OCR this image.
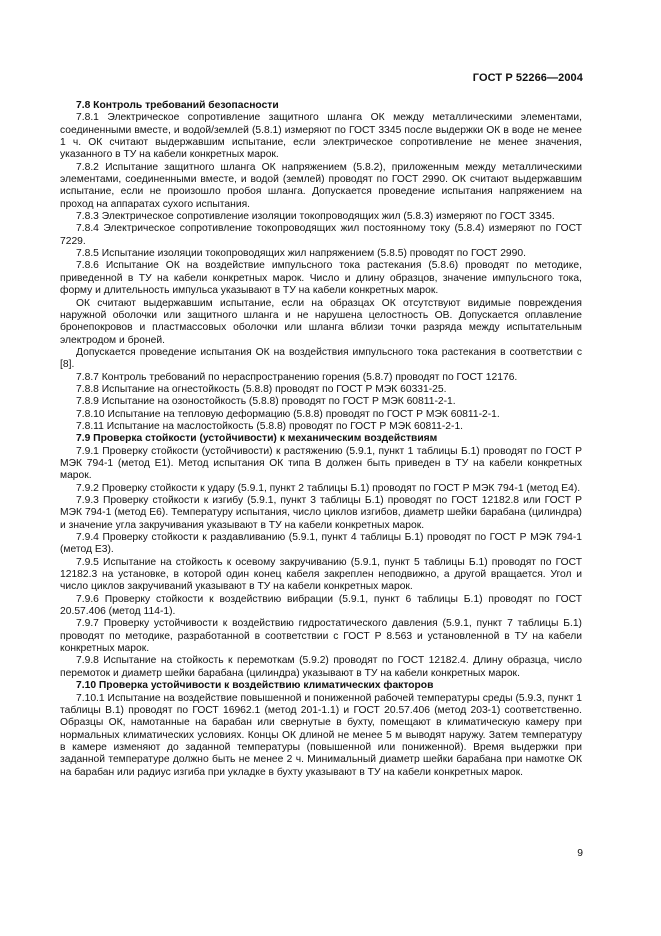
ГОСТ Р 52266—2004

7.8 Контроль требований безопасности

7.8.1 Электрическое сопротивление защитного шланга ОК между металлическими элементами, соединенными вместе, и водой/землей (5.8.1) измеряют по ГОСТ 3345 после выдержки ОК в воде не менее 1 ч. ОК считают выдержавшим испытание, если электрическое сопротивление не менее значения, указанного в ТУ на кабели конкретных марок.

7.8.2 Испытание защитного шланга ОК напряжением (5.8.2), приложенным между металлическими элементами, соединенными вместе, и водой (землей) проводят по ГОСТ 2990. ОК считают выдержавшим испытание, если не произошло пробоя шланга. Допускается проведение испытания напряжением на проход на аппаратах сухого испытания.

7.8.3 Электрическое сопротивление изоляции токопроводящих жил (5.8.3) измеряют по ГОСТ 3345.

7.8.4 Электрическое сопротивление токопроводящих жил постоянному току (5.8.4) измеряют по ГОСТ 7229.

7.8.5 Испытание изоляции токопроводящих жил напряжением (5.8.5) проводят по ГОСТ 2990.

7.8.6 Испытание ОК на воздействие импульсного тока растекания (5.8.6) проводят по методике, приведенной в ТУ на кабели конкретных марок. Число и длину образцов, значение импульсного тока, форму и длительность импульса указывают в ТУ на кабели конкретных марок.

ОК считают выдержавшим испытание, если на образцах ОК отсутствуют видимые повреждения наружной оболочки или защитного шланга и не нарушена целостность ОВ. Допускается оплавление бронепокровов и пластмассовых оболочки или шланга вблизи точки разряда между испытательным электродом и броней.

Допускается проведение испытания ОК на воздействия импульсного тока растекания в соответствии с [8].

7.8.7 Контроль требований по нераспространению горения (5.8.7) проводят по ГОСТ 12176.

7.8.8 Испытание на огнестойкость (5.8.8) проводят по ГОСТ Р МЭК 60331-25.

7.8.9 Испытание на озоностойкость (5.8.8) проводят по ГОСТ Р МЭК 60811-2-1.

7.8.10 Испытание на тепловую деформацию (5.8.8) проводят по ГОСТ Р МЭК 60811-2-1.

7.8.11 Испытание на маслостойкость (5.8.8) проводят по ГОСТ Р МЭК 60811-2-1.

7.9 Проверка стойкости (устойчивости) к механическим воздействиям

7.9.1 Проверку стойкости (устойчивости) к растяжению (5.9.1, пункт 1 таблицы Б.1) проводят по ГОСТ Р МЭК 794-1 (метод Е1). Метод испытания ОК типа В должен быть приведен в ТУ на кабели конкретных марок.

7.9.2 Проверку стойкости к удару (5.9.1, пункт 2 таблицы Б.1) проводят по ГОСТ Р МЭК 794-1 (метод Е4).

7.9.3 Проверку стойкости к изгибу (5.9.1, пункт 3 таблицы Б.1) проводят по ГОСТ 12182.8 или ГОСТ Р МЭК 794-1 (метод Е6). Температуру испытания, число циклов изгибов, диаметр шейки барабана (цилиндра) и значение угла закручивания указывают в ТУ на кабели конкретных марок.

7.9.4 Проверку стойкости к раздавливанию (5.9.1, пункт 4 таблицы Б.1) проводят по ГОСТ Р МЭК 794-1 (метод Е3).

7.9.5 Испытание на стойкость к осевому закручиванию (5.9.1, пункт 5 таблицы Б.1) проводят по ГОСТ 12182.3 на установке, в которой один конец кабеля закреплен неподвижно, а другой вращается. Угол и число циклов закручиваний указывают в ТУ на кабели конкретных марок.

7.9.6 Проверку стойкости к воздействию вибрации (5.9.1, пункт 6 таблицы Б.1) проводят по ГОСТ 20.57.406 (метод 114-1).

7.9.7 Проверку устойчивости к воздействию гидростатического давления (5.9.1, пункт 7 таблицы Б.1) проводят по методике, разработанной в соответствии с ГОСТ Р 8.563 и установленной в ТУ на кабели конкретных марок.

7.9.8 Испытание на стойкость к перемоткам (5.9.2) проводят по ГОСТ 12182.4. Длину образца, число перемоток и диаметр шейки барабана (цилиндра) указывают в ТУ на кабели конкретных марок.

7.10 Проверка устойчивости к воздействию климатических факторов

7.10.1 Испытание на воздействие повышенной и пониженной рабочей температуры среды (5.9.3, пункт 1 таблицы В.1) проводят по ГОСТ 16962.1 (метод 201-1.1) и ГОСТ 20.57.406 (метод 203-1) соответственно. Образцы ОК, намотанные на барабан или свернутые в бухту, помещают в климатическую камеру при нормальных климатических условиях. Концы ОК длиной не менее 5 м выводят наружу. Затем температуру в камере изменяют до заданной температуры (повышенной или пониженной). Время выдержки при заданной температуре должно быть не менее 2 ч. Минимальный диаметр шейки барабана при намотке ОК на барабан или радиус изгиба при укладке в бухту указывают в ТУ на кабели конкретных марок.

9
